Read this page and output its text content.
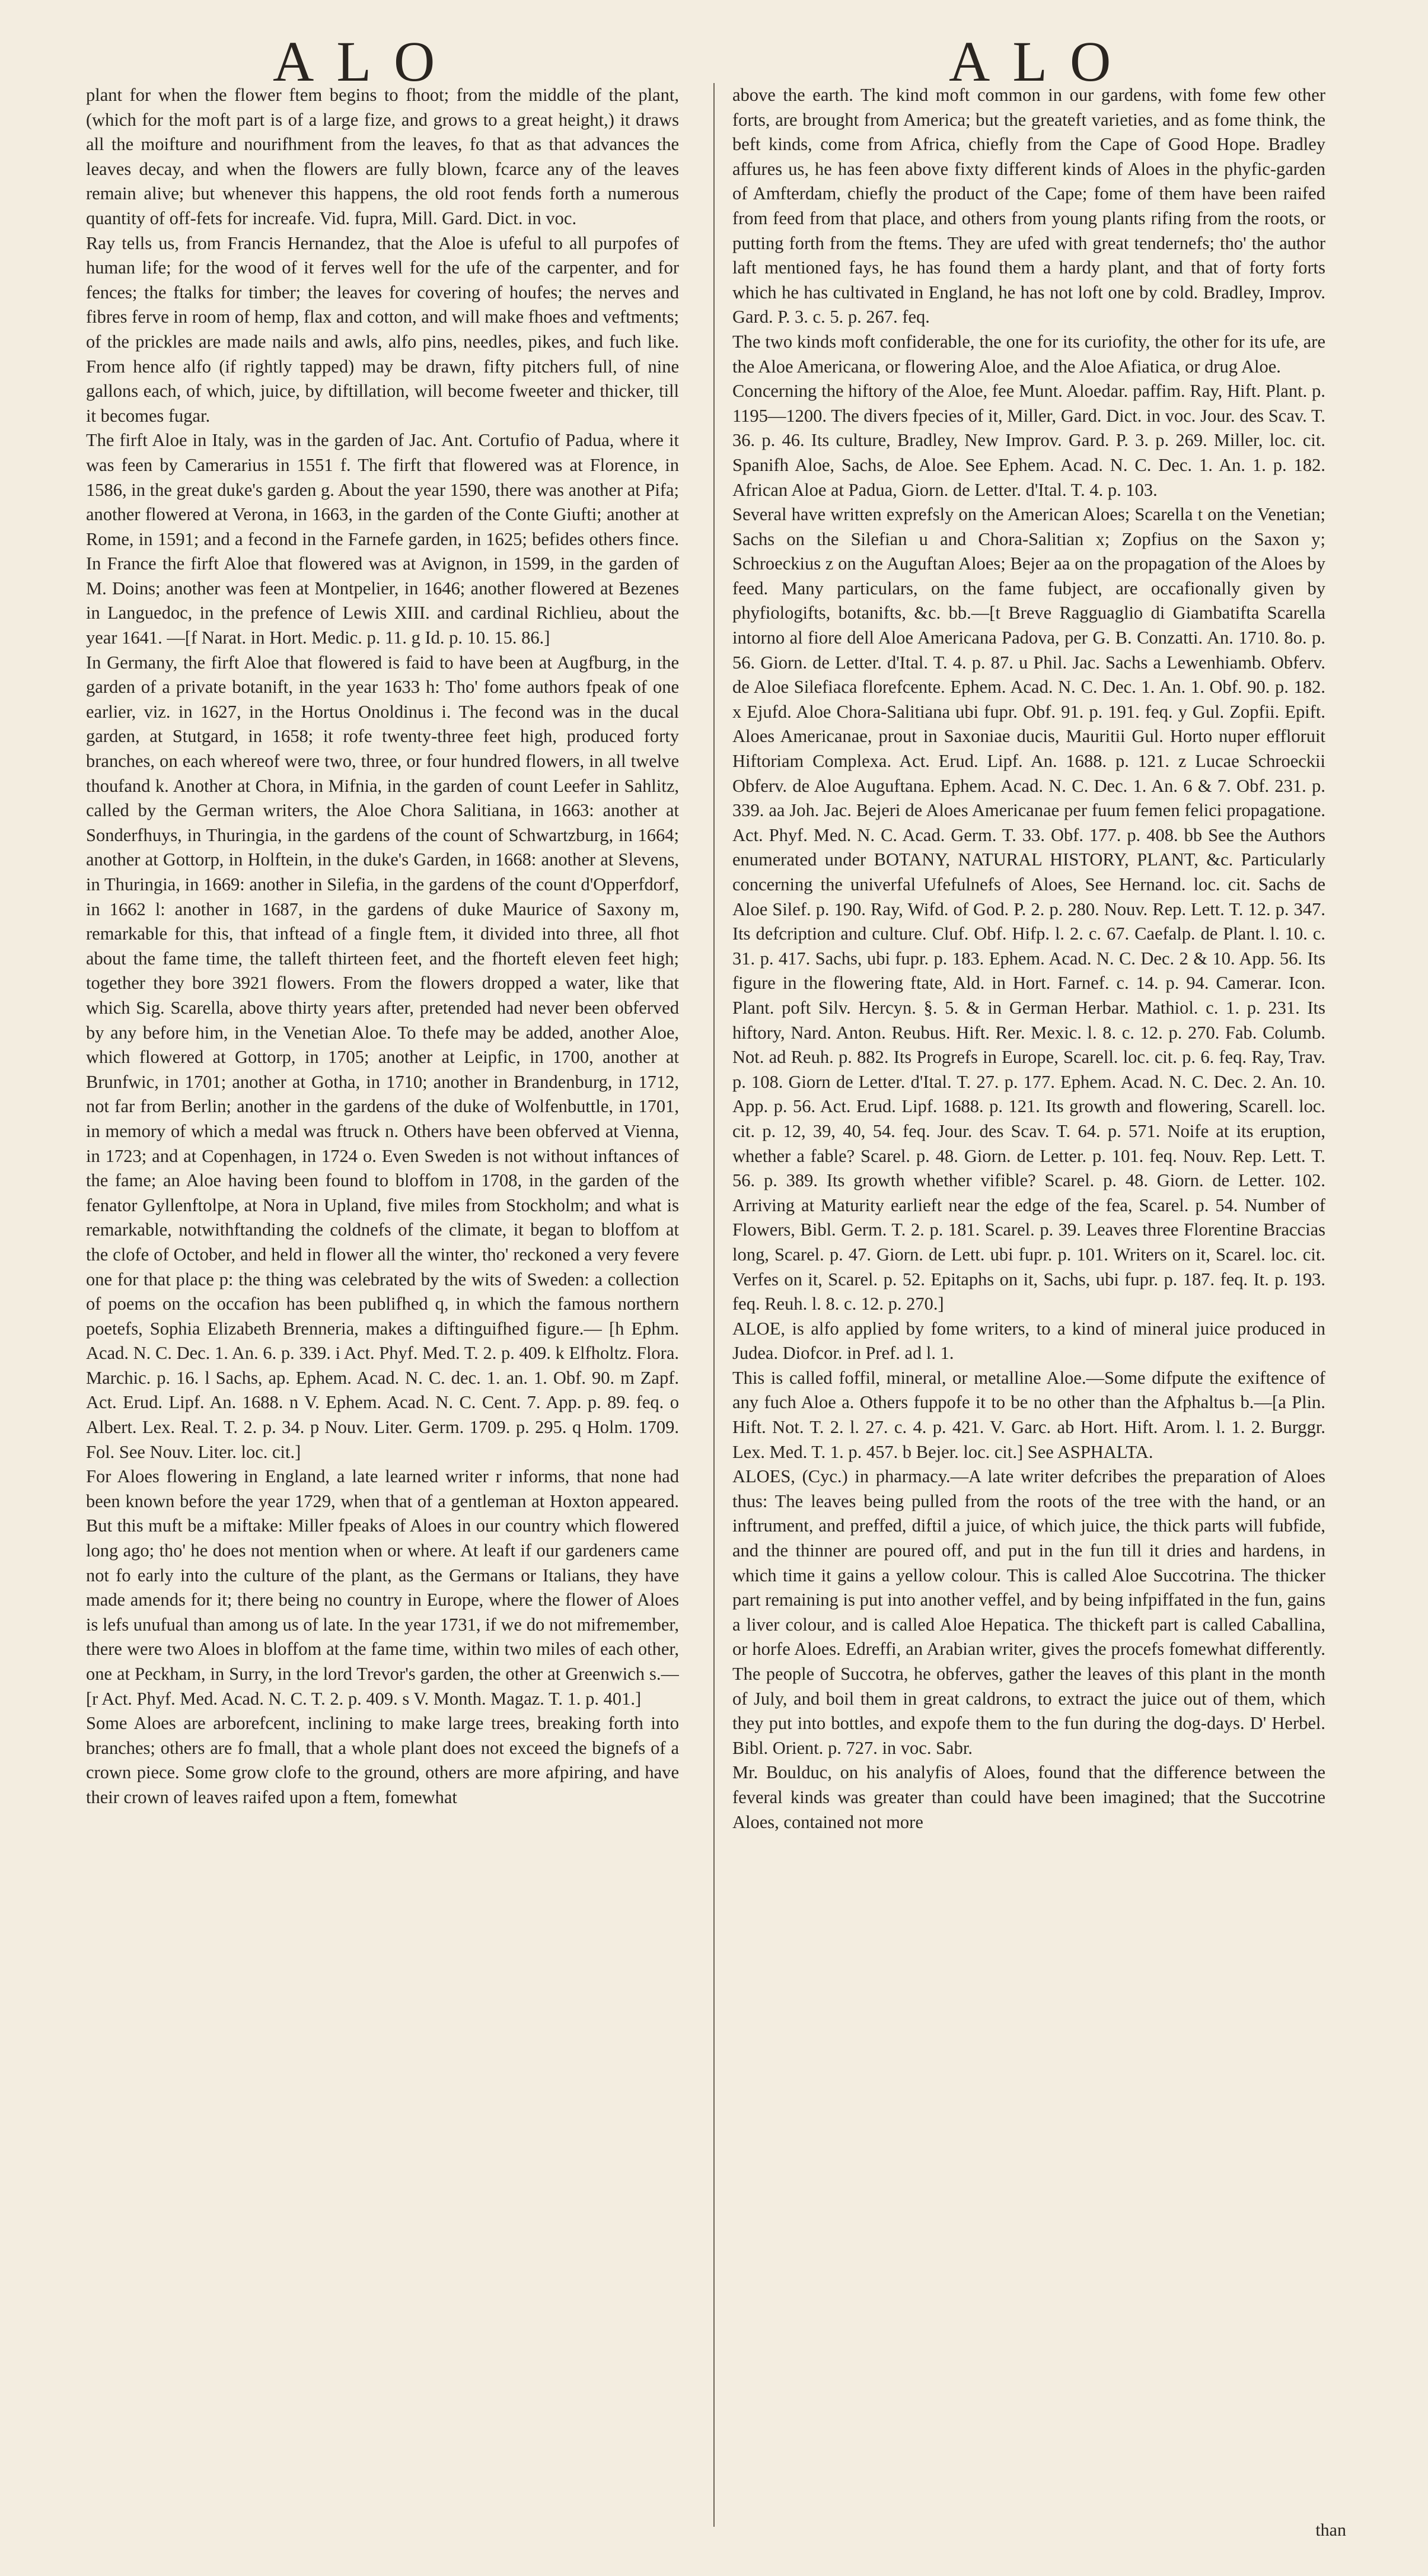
ALO	ALO

plant for when the flower ftem begins to fhoot; from the middle of the plant, (which for the moft part is of a large fize, and grows to a great height,) it draws all the moifture and nourifhment from the leaves, fo that as that advances the leaves decay, and when the flowers are fully blown, fcarce any of the leaves remain alive; but whenever this happens, the old root fends forth a numerous quantity of off-fets for increafe. Vid. fupra, Mill. Gard. Dict. in voc.

Ray tells us, from Francis Hernandez, that the Aloe is ufeful to all purpofes of human life; for the wood of it ferves well for the ufe of the carpenter, and for fences; the ftalks for timber; the leaves for covering of houfes; the nerves and fibres ferve in room of hemp, flax and cotton, and will make fhoes and veftments; of the prickles are made nails and awls, alfo pins, needles, pikes, and fuch like. From hence alfo (if rightly tapped) may be drawn, fifty pitchers full, of nine gallons each, of which, juice, by diftillation, will become fweeter and thicker, till it becomes fugar.

The firft Aloe in Italy, was in the garden of Jac. Ant. Cortufio of Padua, where it was feen by Camerarius in 1551 f. The firft that flowered was at Florence, in 1586, in the great duke's garden g. About the year 1590, there was another at Pifa; another flowered at Verona, in 1663, in the garden of the Conte Giufti; another at Rome, in 1591; and a fecond in the Farnefe garden, in 1625; befides others fince. In France the firft Aloe that flowered was at Avignon, in 1599, in the garden of M. Doins; another was feen at Montpelier, in 1646; another flowered at Bezenes in Languedoc, in the prefence of Lewis XIII. and cardinal Richlieu, about the year 1641. —[f Narat. in Hort. Medic. p. 11. g Id. p. 10. 15. 86.]

In Germany, the firft Aloe that flowered is faid to have been at Augfburg, in the garden of a private botanift, in the year 1633 h: Tho' fome authors fpeak of one earlier, viz. in 1627, in the Hortus Onoldinus i. The fecond was in the ducal garden, at Stutgard, in 1658; it rofe twenty-three feet high, produced forty branches, on each whereof were two, three, or four hundred flowers, in all twelve thoufand k. Another at Chora, in Mifnia, in the garden of count Leefer in Sahlitz, called by the German writers, the Aloe Chora Salitiana, in 1663: another at Sonderfhuys, in Thuringia, in the gardens of the count of Schwartzburg, in 1664; another at Gottorp, in Holftein, in the duke's Garden, in 1668: another at Slevens, in Thuringia, in 1669: another in Silefia, in the gardens of the count d'Opperfdorf, in 1662 l: another in 1687, in the gardens of duke Maurice of Saxony m, remarkable for this, that inftead of a fingle ftem, it divided into three, all fhot about the fame time, the talleft thirteen feet, and the fhorteft eleven feet high; together they bore 3921 flowers. From the flowers dropped a water, like that which Sig. Scarella, above thirty years after, pretended had never been obferved by any before him, in the Venetian Aloe. To thefe may be added, another Aloe, which flowered at Gottorp, in 1705; another at Leipfic, in 1700, another at Brunfwic, in 1701; another at Gotha, in 1710; another in Brandenburg, in 1712, not far from Berlin; another in the gardens of the duke of Wolfenbuttle, in 1701, in memory of which a medal was ftruck n. Others have been obferved at Vienna, in 1723; and at Copenhagen, in 1724 o. Even Sweden is not without inftances of the fame; an Aloe having been found to bloffom in 1708, in the garden of the fenator Gyllenftolpe, at Nora in Upland, five miles from Stockholm; and what is remarkable, notwithftanding the coldnefs of the climate, it began to bloffom at the clofe of October, and held in flower all the winter, tho' reckoned a very fevere one for that place p: the thing was celebrated by the wits of Sweden: a collection of poems on the occafion has been publifhed q, in which the famous northern poetefs, Sophia Elizabeth Brenneria, makes a diftinguifhed figure.— [h Ephm. Acad. N. C. Dec. 1. An. 6. p. 339. i Act. Phyf. Med. T. 2. p. 409. k Elfholtz. Flora. Marchic. p. 16. l Sachs, ap. Ephem. Acad. N. C. dec. 1. an. 1. Obf. 90. m Zapf. Act. Erud. Lipf. An. 1688. n V. Ephem. Acad. N. C. Cent. 7. App. p. 89. feq. o Albert. Lex. Real. T. 2. p. 34. p Nouv. Liter. Germ. 1709. p. 295. q Holm. 1709. Fol. See Nouv. Liter. loc. cit.]

For Aloes flowering in England, a late learned writer r informs, that none had been known before the year 1729, when that of a gentleman at Hoxton appeared. But this muft be a miftake: Miller fpeaks of Aloes in our country which flowered long ago; tho' he does not mention when or where. At leaft if our gardeners came not fo early into the culture of the plant, as the Germans or Italians, they have made amends for it; there being no country in Europe, where the flower of Aloes is lefs unufual than among us of late. In the year 1731, if we do not mifremember, there were two Aloes in bloffom at the fame time, within two miles of each other, one at Peckham, in Surry, in the lord Trevor's garden, the other at Greenwich s.—[r Act. Phyf. Med. Acad. N. C. T. 2. p. 409. s V. Month. Magaz. T. 1. p. 401.]

Some Aloes are arborefcent, inclining to make large trees, breaking forth into branches; others are fo fmall, that a whole plant does not exceed the bignefs of a crown piece. Some grow clofe to the ground, others are more afpiring, and have their crown of leaves raifed upon a ftem, fomewhat

above the earth. The kind moft common in our gardens, with fome few other forts, are brought from America; but the greateft varieties, and as fome think, the beft kinds, come from Africa, chiefly from the Cape of Good Hope. Bradley affures us, he has feen above fixty different kinds of Aloes in the phyfic-garden of Amfterdam, chiefly the product of the Cape; fome of them have been raifed from feed from that place, and others from young plants rifing from the roots, or putting forth from the ftems. They are ufed with great tendernefs; tho' the author laft mentioned fays, he has found them a hardy plant, and that of forty forts which he has cultivated in England, he has not loft one by cold. Bradley, Improv. Gard. P. 3. c. 5. p. 267. feq.

The two kinds moft confiderable, the one for its curiofity, the other for its ufe, are the Aloe Americana, or flowering Aloe, and the Aloe Afiatica, or drug Aloe.

Concerning the hiftory of the Aloe, fee Munt. Aloedar. paffim. Ray, Hift. Plant. p. 1195—1200. The divers fpecies of it, Miller, Gard. Dict. in voc. Jour. des Scav. T. 36. p. 46. Its culture, Bradley, New Improv. Gard. P. 3. p. 269. Miller, loc. cit. Spanifh Aloe, Sachs, de Aloe. See Ephem. Acad. N. C. Dec. 1. An. 1. p. 182. African Aloe at Padua, Giorn. de Letter. d'Ital. T. 4. p. 103.

Several have written exprefsly on the American Aloes; Scarella t on the Venetian; Sachs on the Silefian u and Chora-Salitian x; Zopfius on the Saxon y; Schroeckius z on the Auguftan Aloes; Bejer aa on the propagation of the Aloes by feed. Many particulars, on the fame fubject, are occafionally given by phyfiologifts, botanifts, &c. bb.—[t Breve Ragguaglio di Giambatifta Scarella intorno al fiore dell Aloe Americana Padova, per G. B. Conzatti. An. 1710. 8o. p. 56. Giorn. de Letter. d'Ital. T. 4. p. 87. u Phil. Jac. Sachs a Lewenhiamb. Obferv. de Aloe Silefiaca florefcente. Ephem. Acad. N. C. Dec. 1. An. 1. Obf. 90. p. 182. x Ejufd. Aloe Chora-Salitiana ubi fupr. Obf. 91. p. 191. feq. y Gul. Zopfii. Epift. Aloes Americanae, prout in Saxoniae ducis, Mauritii Gul. Horto nuper effloruit Hiftoriam Complexa. Act. Erud. Lipf. An. 1688. p. 121. z Lucae Schroeckii Obferv. de Aloe Auguftana. Ephem. Acad. N. C. Dec. 1. An. 6 & 7. Obf. 231. p. 339. aa Joh. Jac. Bejeri de Aloes Americanae per fuum femen felici propagatione. Act. Phyf. Med. N. C. Acad. Germ. T. 33. Obf. 177. p. 408. bb See the Authors enumerated under BOTANY, NATURAL HISTORY, PLANT, &c. Particularly concerning the univerfal Ufefulnefs of Aloes, See Hernand. loc. cit. Sachs de Aloe Silef. p. 190. Ray, Wifd. of God. P. 2. p. 280. Nouv. Rep. Lett. T. 12. p. 347. Its defcription and culture. Cluf. Obf. Hifp. l. 2. c. 67. Caefalp. de Plant. l. 10. c. 31. p. 417. Sachs, ubi fupr. p. 183. Ephem. Acad. N. C. Dec. 2 & 10. App. 56. Its figure in the flowering ftate, Ald. in Hort. Farnef. c. 14. p. 94. Camerar. Icon. Plant. poft Silv. Hercyn. §. 5. & in German Herbar. Mathiol. c. 1. p. 231. Its hiftory, Nard. Anton. Reubus. Hift. Rer. Mexic. l. 8. c. 12. p. 270. Fab. Columb. Not. ad Reuh. p. 882. Its Progrefs in Europe, Scarell. loc. cit. p. 6. feq. Ray, Trav. p. 108. Giorn de Letter. d'Ital. T. 27. p. 177. Ephem. Acad. N. C. Dec. 2. An. 10. App. p. 56. Act. Erud. Lipf. 1688. p. 121. Its growth and flowering, Scarell. loc. cit. p. 12, 39, 40, 54. feq. Jour. des Scav. T. 64. p. 571. Noife at its eruption, whether a fable? Scarel. p. 48. Giorn. de Letter. p. 101. feq. Nouv. Rep. Lett. T. 56. p. 389. Its growth whether vifible? Scarel. p. 48. Giorn. de Letter. 102. Arriving at Maturity earlieft near the edge of the fea, Scarel. p. 54. Number of Flowers, Bibl. Germ. T. 2. p. 181. Scarel. p. 39. Leaves three Florentine Braccias long, Scarel. p. 47. Giorn. de Lett. ubi fupr. p. 101. Writers on it, Scarel. loc. cit. Verfes on it, Scarel. p. 52. Epitaphs on it, Sachs, ubi fupr. p. 187. feq. It. p. 193. feq. Reuh. l. 8. c. 12. p. 270.]

ALOE, is alfo applied by fome writers, to a kind of mineral juice produced in Judea. Diofcor. in Pref. ad l. 1.

This is called foffil, mineral, or metalline Aloe.—Some difpute the exiftence of any fuch Aloe a. Others fuppofe it to be no other than the Afphaltus b.—[a Plin. Hift. Not. T. 2. l. 27. c. 4. p. 421. V. Garc. ab Hort. Hift. Arom. l. 1. 2. Burggr. Lex. Med. T. 1. p. 457. b Bejer. loc. cit.] See ASPHALTA.

ALOES, (Cyc.) in pharmacy.—A late writer defcribes the preparation of Aloes thus: The leaves being pulled from the roots of the tree with the hand, or an inftrument, and preffed, diftil a juice, of which juice, the thick parts will fubfide, and the thinner are poured off, and put in the fun till it dries and hardens, in which time it gains a yellow colour. This is called Aloe Succotrina. The thicker part remaining is put into another veffel, and by being infpiffated in the fun, gains a liver colour, and is called Aloe Hepatica. The thickeft part is called Caballina, or horfe Aloes. Edreffi, an Arabian writer, gives the procefs fomewhat differently. The people of Succotra, he obferves, gather the leaves of this plant in the month of July, and boil them in great caldrons, to extract the juice out of them, which they put into bottles, and expofe them to the fun during the dog-days. D' Herbel. Bibl. Orient. p. 727. in voc. Sabr.

Mr. Boulduc, on his analyfis of Aloes, found that the difference between the feveral kinds was greater than could have been imagined; that the Succotrine Aloes, contained not more

than
